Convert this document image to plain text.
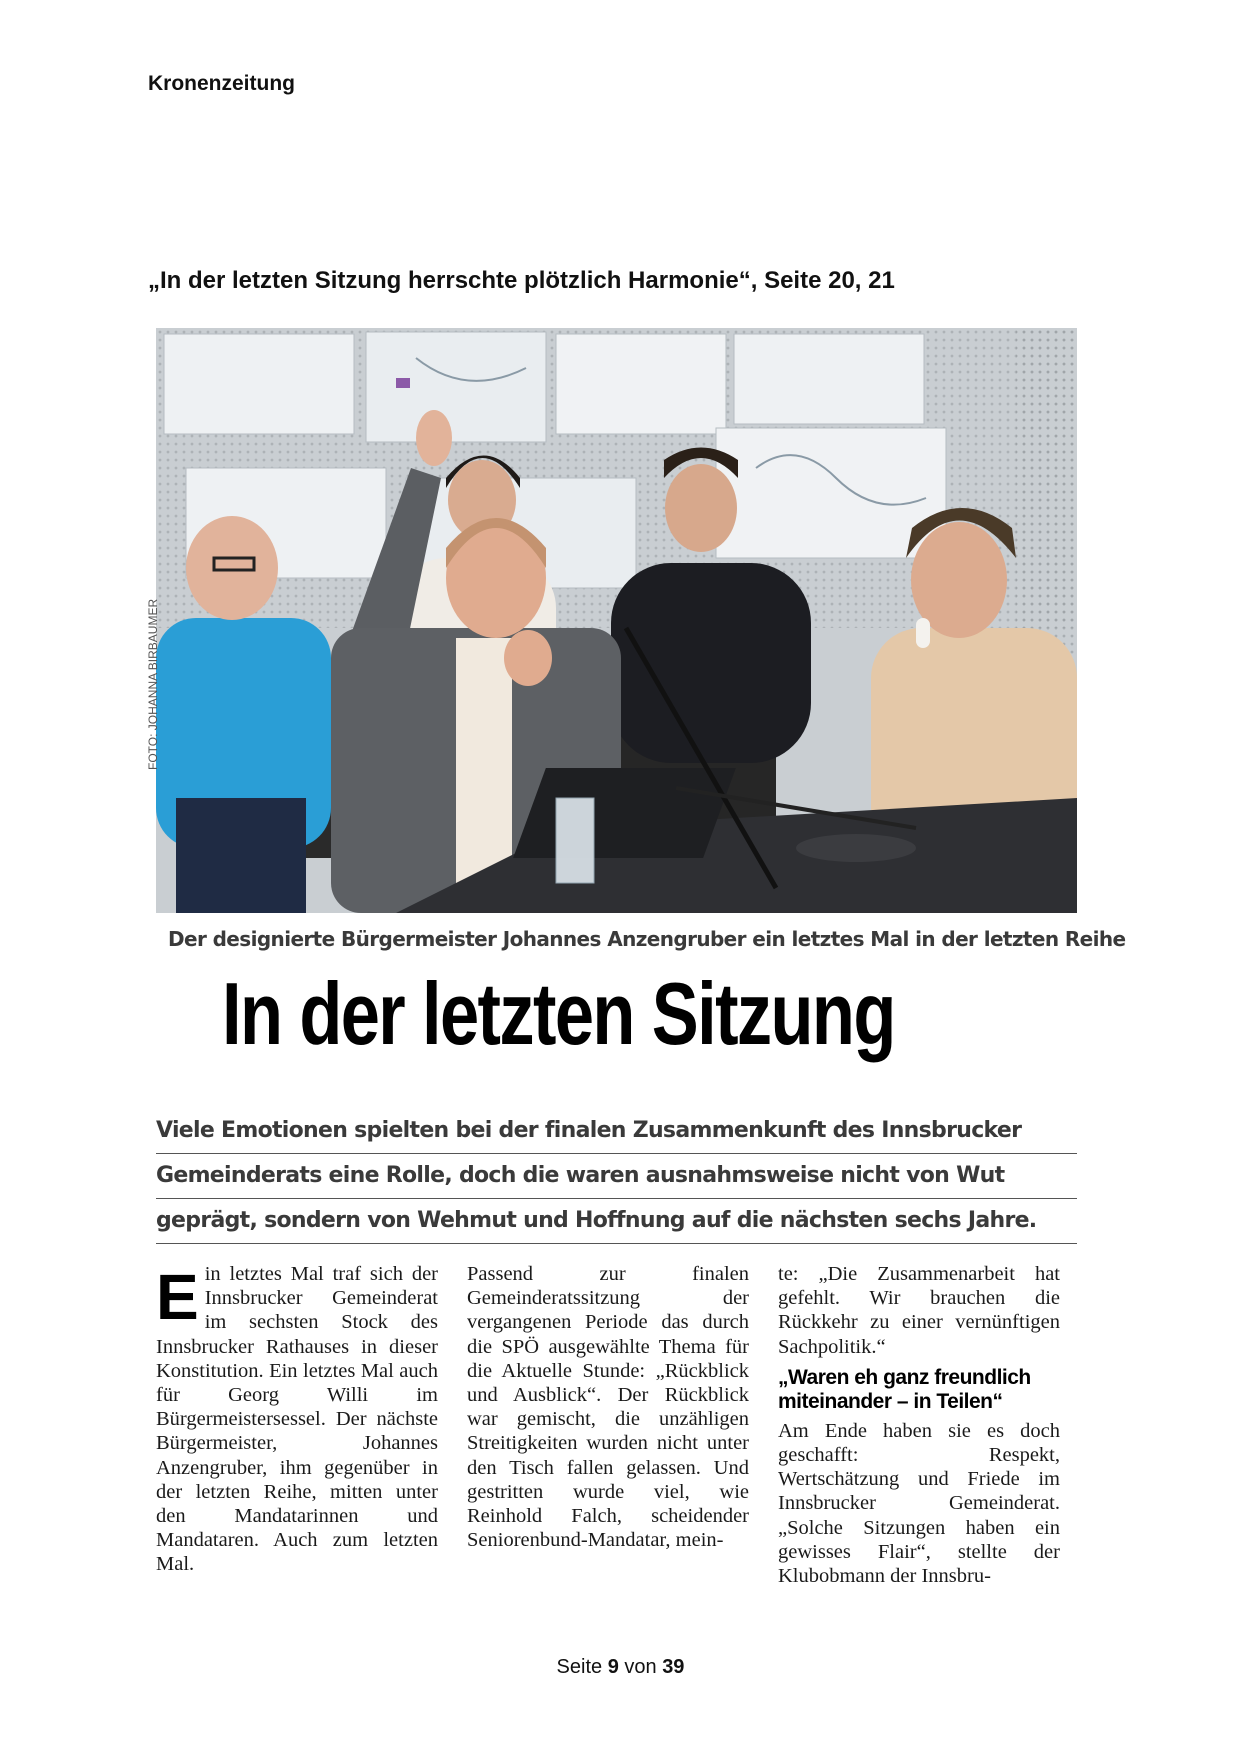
Kronenzeitung
„In der letzten Sitzung herrschte plötzlich Harmonie“, Seite 20, 21
FOTO: JOHANNA BIRBAUMER
Der designierte Bürgermeister Johannes Anzengruber ein letztes Mal in der letzten Reihe
In der letzten Sitzung
Viele Emotionen spielten bei der finalen Zusammenkunft des Innsbrucker
Gemeinderats eine Rolle, doch die waren ausnahmsweise nicht von Wut
geprägt, sondern von Wehmut und Hoffnung auf die nächsten sechs Jahre.
E in letztes Mal traf sich der Innsbrucker Gemeinderat im sechsten Stock des Innsbrucker Rathauses in dieser Konstitution. Ein letztes Mal auch für Georg Willi im Bürgermeistersessel. Der nächste Bürgermeister, Johannes Anzengruber, ihm gegenüber in der letzten Reihe, mitten unter den Mandatarinnen und Mandataren. Auch zum letzten Mal.

Passend zur finalen Gemeinderatssitzung der vergangenen Periode das durch die SPÖ ausgewählte Thema für die Aktuelle Stunde: „Rückblick und Ausblick“. Der Rückblick war gemischt, die unzähligen Streitigkeiten wurden nicht unter den Tisch fallen gelassen. Und gestritten wurde viel, wie Reinhold Falch, scheidender Seniorenbund-Mandatar, mein-

te: „Die Zusammenarbeit hat gefehlt. Wir brauchen die Rückkehr zu einer vernünftigen Sachpolitik.“

„Waren eh ganz freundlich miteinander – in Teilen“

Am Ende haben sie es doch geschafft: Respekt, Wertschätzung und Friede im Innsbrucker Gemeinderat. „Solche Sitzungen haben ein gewisses Flair“, stellte der Klubobmann der Innsbru-

Seite 9 von 39
